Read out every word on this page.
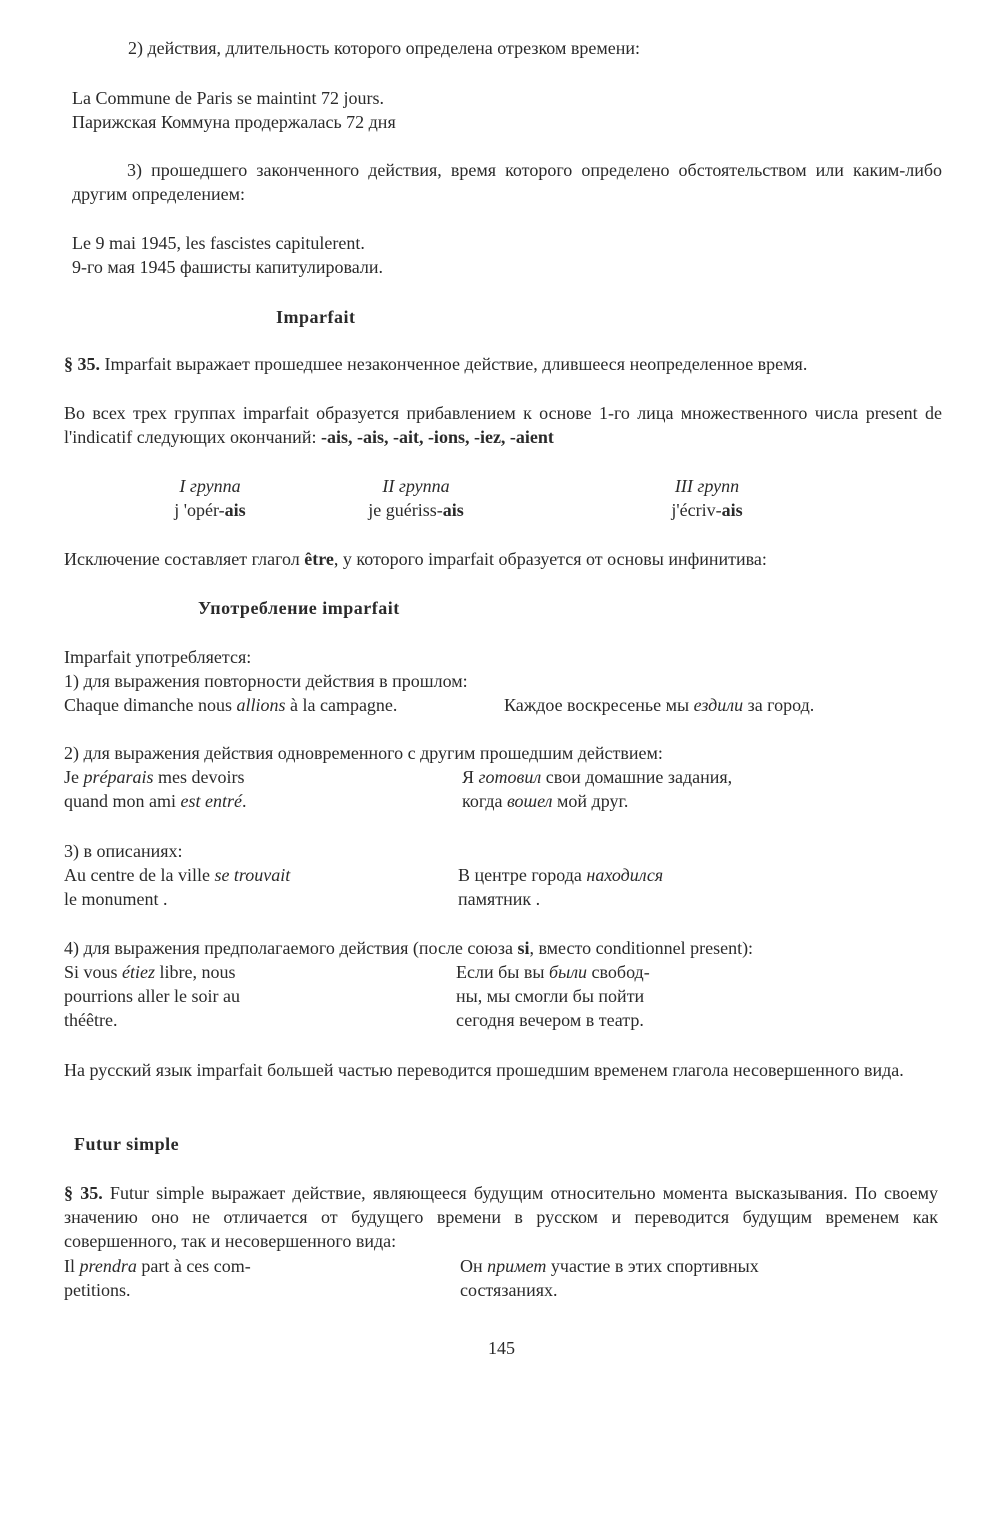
2) действия, длительность которого определена отрезком времени:

La Commune de Paris se maintint 72 jours.
Парижская Коммуна продержалась 72 дня

3) прошедшего законченного действия, время которого определено обстоятельством или каким-либо другим определением:

Le 9 mai 1945, les fascistes capitulerent.
9-го мая 1945 фашисты капитулировали.
Imparfait

§ 35. Imparfait выражает прошедшее незаконченное действие, длившееся неопределенное время.

Во всех трех группах imparfait образуется прибавлением к основе 1-го лица множественного числа present de l'indicatif следующих окончаний: -ais, -ais, -ait, -ions, -iez, -aient

I группа
j 'opér-ais
II группа
je guériss-ais
III групп
j'écriv-ais

Исключение составляет глагол être, у которого imparfait образуется от основы инфинитива:

Употребление imparfait

Imparfait употребляется:

1) для выражения повторности действия в прошлом:

Chaque dimanche nous allions à la campagne.	Каждое воскресенье мы ездили за город.

2) для выражения действия одновременного с другим прошедшим действием:

Je préparais mes devoirs
quand mon ami est entré.
Я готовил свои домашние задания,
когда вошел мой друг.

3) в описаниях:

Au centre de la ville se trouvait
le monument .
В центре города находился
памятник .

4) для выражения предполагаемого действия (после союза si, вместо conditionnel present):

Si vous étiez libre, nous
pourrions aller le soir au
théêtre.
Если бы вы были свобод-
ны, мы смогли бы пойти
сегодня вечером в театр.

На русский язык imparfait большей частью переводится прошедшим временем глагола несовершенного вида.

Futur simple

§ 35. Futur simple выражает действие, являющееся будущим относительно момента высказывания. По своему значению оно не отличается от будущего времени в русском и переводится будущим временем как совершенного, так и несовершенного вида:

Il prendra part à ces com-
petitions.
Он примет участие в этих спортивных
состязаниях.
145
